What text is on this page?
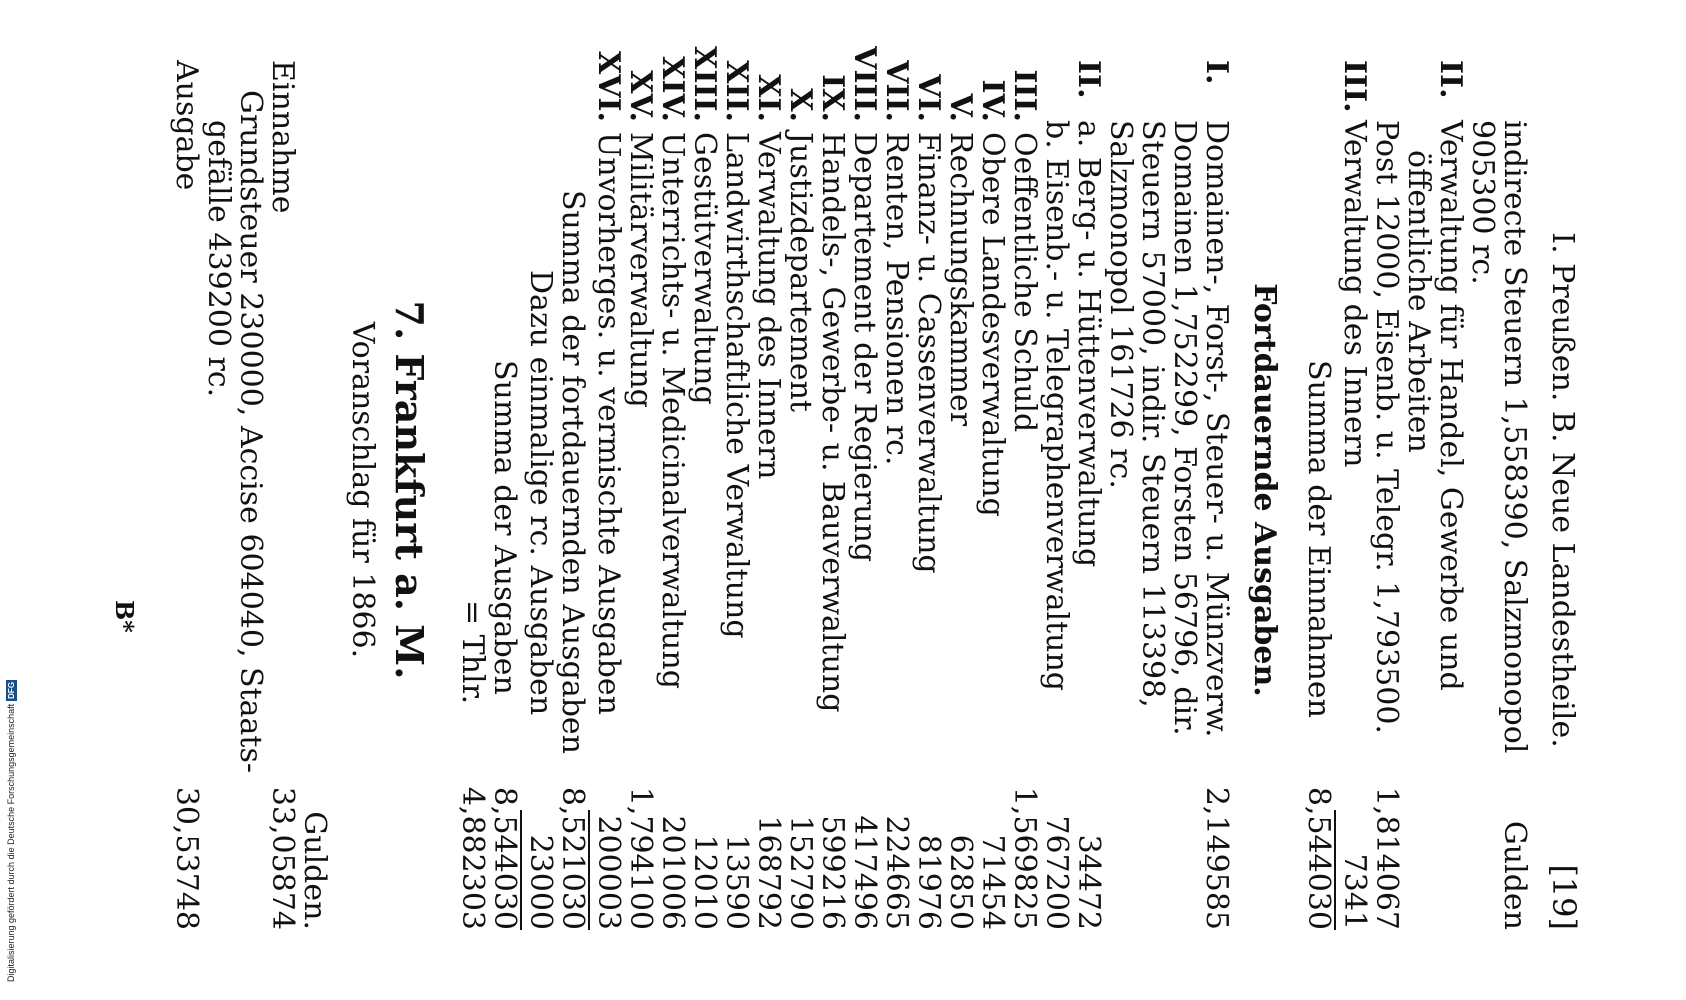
Digitalisierung gefördert durch die Deutsche ForschungsgemeinschaftDFG	I. Preußen. B. Neue Landestheile.
[19]
indirecte Steuern 1,558390, Salzmonopol
Gulden
905300 rc.
II.
Verwaltung für Handel, Gewerbe und
öffentliche Arbeiten
Post 12000, Eisenb. u. Telegr. 1,793500.
1,814067
III.
Verwaltung des Innern
7341
Summa der Einnahmen
8,544030
Fortdauernde Ausgaben.
I.
Domainen-, Forst-, Steuer- u. Münzverw.
2,149585
Domainen 1,752299, Forsten 56796, dir.
Steuern 57000, indir. Steuern 113398,
Salzmonopol 161726 rc.
II.
a. Berg- u. Hüttenverwaltung
34472
b. Eisenb.- u. Telegraphenverwaltung
767200
III.
Oeffentliche Schuld
1,569825
IV.
Obere Landesverwaltung
71454
V.
Rechnungskammer
62850
VI.
Finanz- u. Cassenverwaltung
81976
VII.
Renten, Pensionen rc.
224665
VIII.
Departement der Regierung
417496
IX.
Handels-, Gewerbe- u. Bauverwaltung
599216
X.
Justizdepartement
152790
XI.
Verwaltung des Innern
168792
XII.
Landwirthschaftliche Verwaltung
13590
XIII.
Gestütverwaltung
12010
XIV.
Unterrichts- u. Medicinalverwaltung
201006
XV.
Militärverwaltung
1,794100
XVI.
Unvorherges. u. vermischte Ausgaben
200003
Summa der fortdauernden Ausgaben
8,521030
Dazu einmalige rc. Ausgaben
23000
Summa der Ausgaben
8,544030
= Thlr.
4,882303
7. Frankfurt a. M.
Voranschlag für 1866.
Gulden.
Einnahme
33,05874
Grundsteuer 230000, Accise 604040, Staats-
gefälle 439200 rc.
Ausgabe
30,53748
B*
